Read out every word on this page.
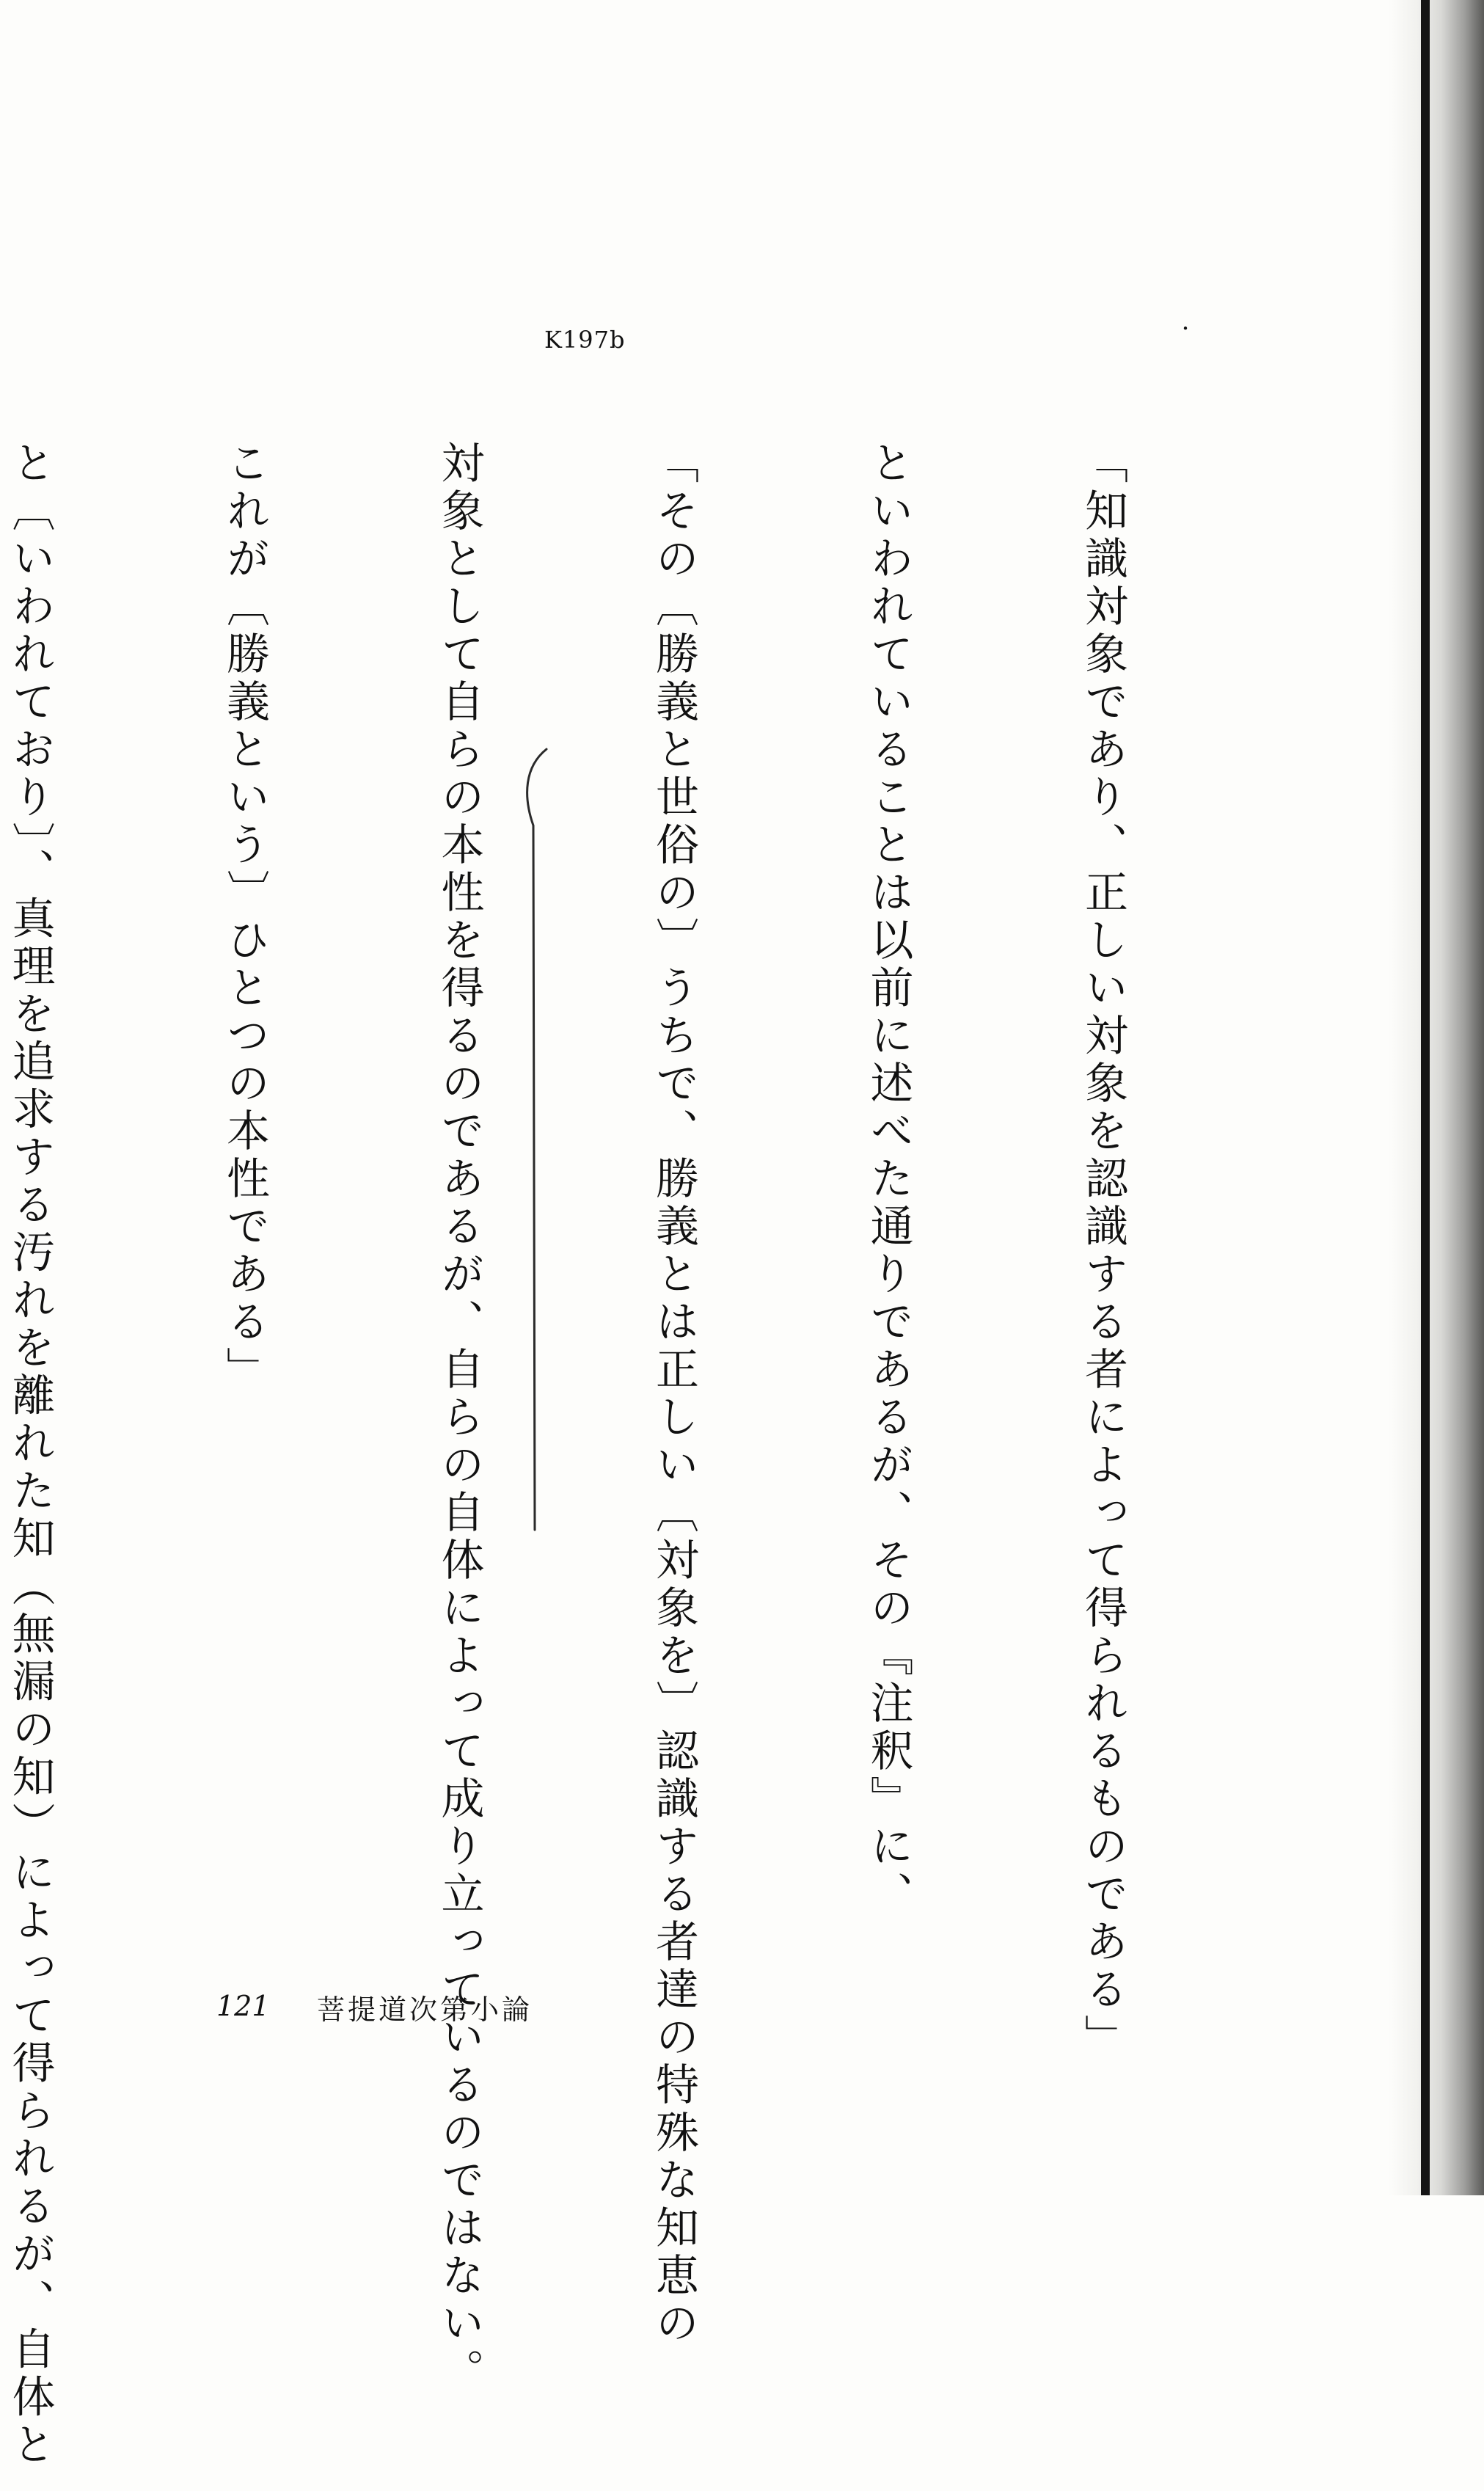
・
K197b

「知識対象であり、正しい対象を認識する者によって得られるものである」

といわれていることは以前に述べた通りであるが、その『注釈』に、

「その〔勝義と世俗の〕うちで、勝義とは正しい〔対象を〕認識する者達の特殊な知恵の

対象として自らの本性を得るのであるが、自らの自体によって成り立っているのではない。

これが〔勝義という〕ひとつの本性である」

と〔いわれており〕、真理を追求する汚れを離れた知（無漏の知）によって得られるが、自体と

	121 菩提道次第小論
